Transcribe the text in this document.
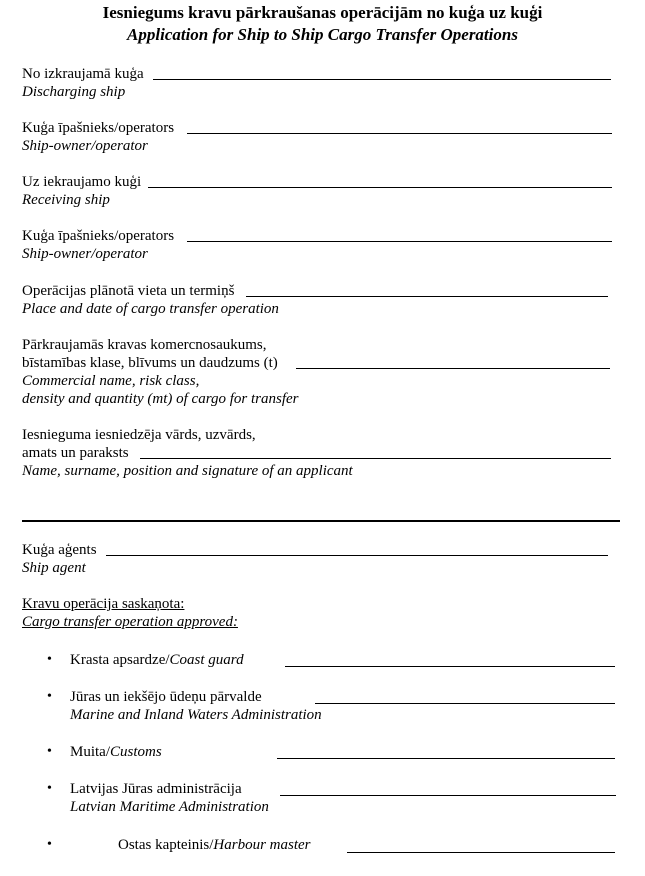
Iesniegums kravu pārkraušanas operācijām no kuģa uz kuģi
Application for Ship to Ship Cargo Transfer Operations
No izkraujamā kuģa
Discharging ship
Kuģa īpašnieks/operators
Ship-owner/operator
Uz iekraujamo kuģi
Receiving ship
Kuģa īpašnieks/operators
Ship-owner/operator
Operācijas plānotā vieta un termiņš
Place and date of cargo transfer operation
Pārkraujamās kravas komercnosaukums,
bīstamības klase, blīvums un daudzums (t)
Commercial name, risk class,
density and quantity (mt) of cargo for transfer
Iesnieguma iesniedzēja vārds, uzvārds,
amats un paraksts
Name, surname, position and signature of an applicant
Kuģa aģents
Ship agent
Kravu operācija saskaņota:
Cargo transfer operation approved:
• Krasta apsardze/Coast guard
• Jūras un iekšējo ūdeņu pārvalde
Marine and Inland Waters Administration
• Muita/Customs
• Latvijas Jūras administrācija
Latvian Maritime Administration
•	Ostas kapteinis/Harbour master
